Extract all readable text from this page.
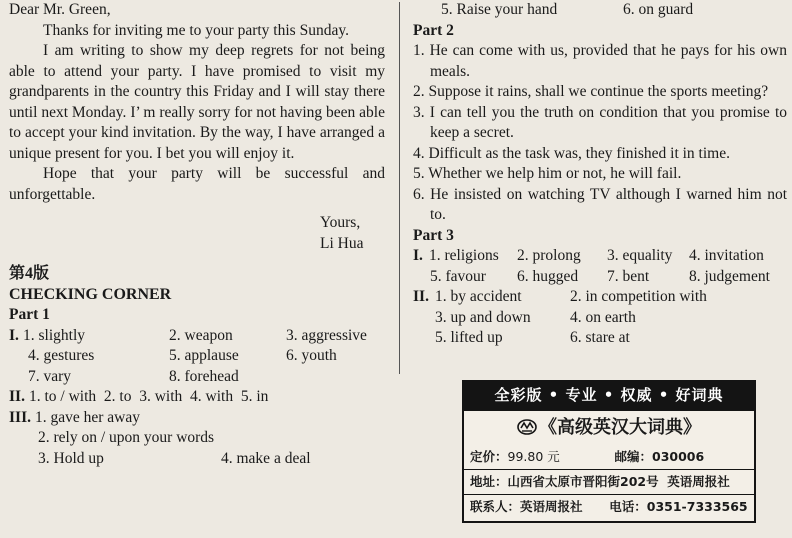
Dear Mr. Green,

Thanks for inviting me to your party this Sunday.

I am writing to show my deep regrets for not being able to attend your party. I have promised to visit my grandparents in the country this Friday and I will stay there until next Monday. I’ m really sorry for not having been able to accept your kind invitation. By the way, I have arranged a unique present for you. I bet you will enjoy it.

Hope that your party will be successful and unforgettable.

Yours,

Li Hua

第4版

CHECKING CORNER

Part 1

I. 1. slightly	2. weapon	3. aggressive
4. gestures	5. applause	6. youth
7. vary	8. forehead
II. 1. to / with  2. to  3. with  4. with  5. in
III. 1. gave her away
2. rely on / upon your words
3. Hold up	4. make a deal
5. Raise your hand	6. on guard

Part 2

1. He can come with us, provided that he pays for his own meals.

2. Suppose it rains, shall we continue the sports meeting?

3. I can tell you the truth on condition that you promise to keep a secret.

4. Difficult as the task was, they finished it in time.

5. Whether we help him or not, he will fail.

6. He insisted on watching TV although I warned him not to.

Part 3

I. 1. religions 2. prolong 3. equality 4. invitation
5. favour 6. hugged 7. bent	8. judgement
II. 1. by accident	2. in competition with
3. up and down	4. on earth
5. lifted up	6. stare at
全彩版 • 专业 • 权威 • 好词典
《高级英汉大词典》
定价：99.80 元	邮编：030006
地址：山西省太原市晋阳街202号  英语周报社
联系人：英语周报社 电话：0351-7333565
